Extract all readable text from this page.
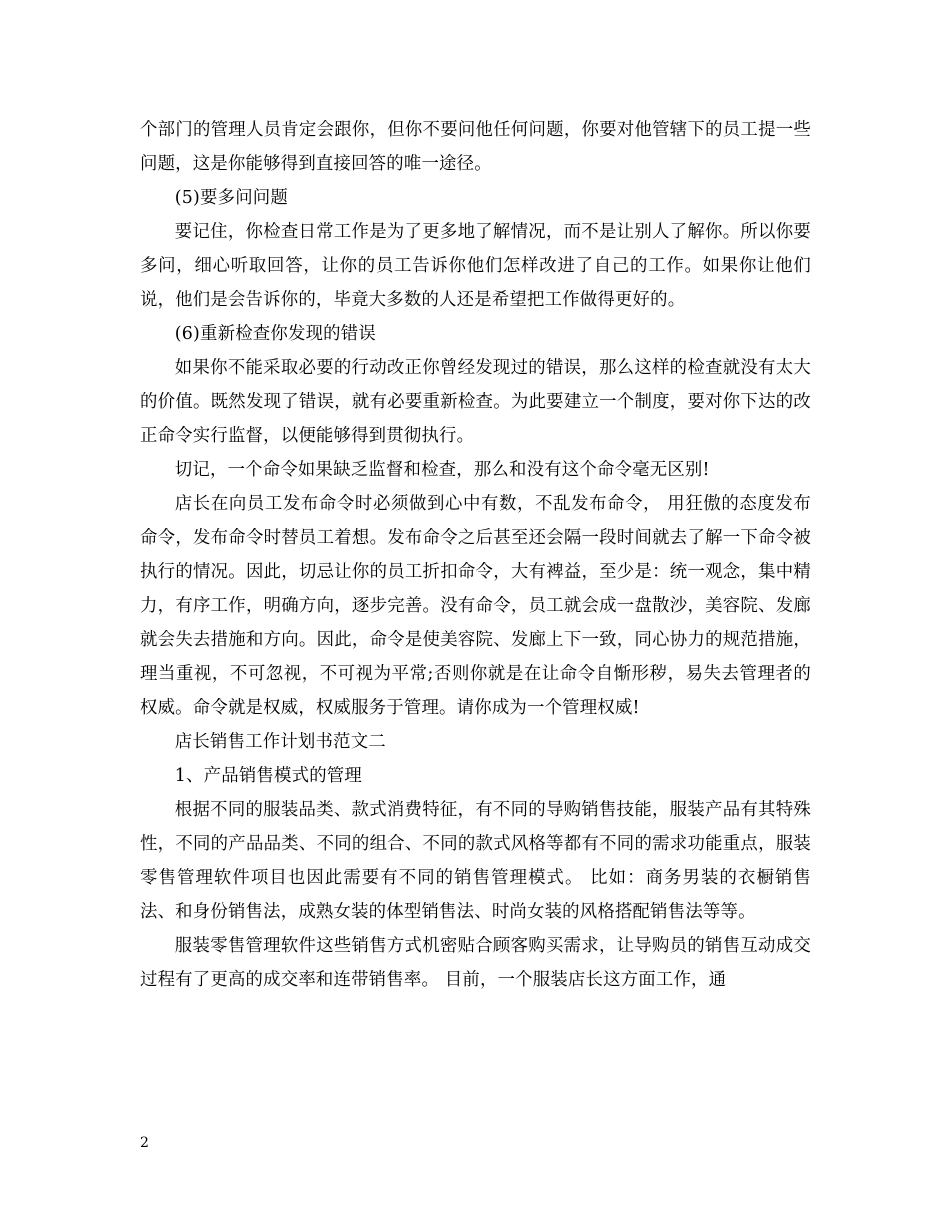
个部门的管理人员肯定会跟你，但你不要问他任何问题，你要对他管辖下的员工提一些问题，这是你能够得到直接回答的唯一途径。

(5)要多问问题

要记住，你检查日常工作是为了更多地了解情况，而不是让别人了解你。所以你要多问，细心听取回答，让你的员工告诉你他们怎样改进了自己的工作。如果你让他们说，他们是会告诉你的，毕竟大多数的人还是希望把工作做得更好的。

(6)重新检查你发现的错误

如果你不能采取必要的行动改正你曾经发现过的错误，那么这样的检查就没有太大的价值。既然发现了错误，就有必要重新检查。为此要建立一个制度，要对你下达的改正命令实行监督，以便能够得到贯彻执行。

切记，一个命令如果缺乏监督和检查，那么和没有这个命令毫无区别!

店长在向员工发布命令时必须做到心中有数，不乱发布命令， 用狂傲的态度发布命令，发布命令时替员工着想。发布命令之后甚至还会隔一段时间就去了解一下命令被执行的情况。因此，切忌让你的员工折扣命令，大有裨益，至少是：统一观念，集中精力，有序工作，明确方向，逐步完善。没有命令，员工就会成一盘散沙，美容院、发廊就会失去措施和方向。因此，命令是使美容院、发廊上下一致，同心协力的规范措施，理当重视，不可忽视，不可视为平常;否则你就是在让命令自惭形秽，易失去管理者的权威。命令就是权威，权威服务于管理。请你成为一个管理权威!

店长销售工作计划书范文二

1、产品销售模式的管理

根据不同的服装品类、款式消费特征，有不同的导购销售技能，服装产品有其特殊性，不同的产品品类、不同的组合、不同的款式风格等都有不同的需求功能重点，服装零售管理软件项目也因此需要有不同的销售管理模式。 比如：商务男装的衣橱销售法、和身份销售法，成熟女装的体型销售法、时尚女装的风格搭配销售法等等。

服装零售管理软件这些销售方式机密贴合顾客购买需求，让导购员的销售互动成交过程有了更高的成交率和连带销售率。 目前，一个服装店长这方面工作，通

2
